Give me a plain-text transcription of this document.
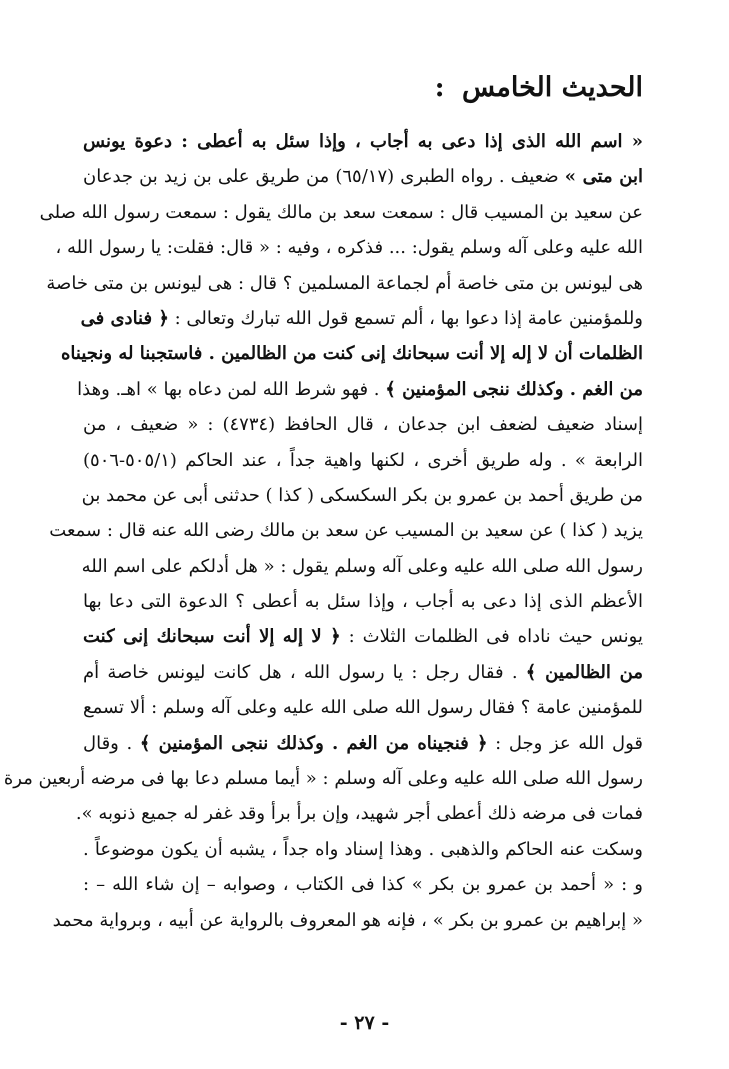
الحديث الخامس :
« اسم الله الذى إذا دعى به أجاب ، وإذا سئل به أعطى : دعوة يونس
ابن متى » ضعيف . رواه الطبرى (٦٥/١٧) من طريق على بن زيد بن جدعان
عن سعيد بن المسيب قال : سمعت سعد بن مالك يقول : سمعت رسول الله صلى
الله عليه وعلى آله وسلم يقول: ... فذكره ، وفيه : « قال: فقلت: يا رسول الله ،
هى ليونس بن متى خاصة أم لجماعة المسلمين ؟ قال : هى ليونس بن متى خاصة
وللمؤمنين عامة إذا دعوا بها ، ألم تسمع قول الله تبارك وتعالى : ﴿ فنادى فى
الظلمات أن لا إله إلا أنت سبحانك إنى كنت من الظالمين . فاستجبنا له ونجيناه
من الغم . وكذلك ننجى المؤمنين ﴾ . فهو شرط الله لمن دعاه بها » اهـ. وهذا
إسناد ضعيف لضعف ابن جدعان ، قال الحافظ (٤٧٣٤) : « ضعيف ، من
الرابعة » . وله طريق أخرى ، لكنها واهية جداً ، عند الحاكم (٥٠٥/١-٥٠٦)
من طريق أحمد بن عمرو بن بكر السكسكى ( كذا ) حدثنى أبى عن محمد بن
يزيد ( كذا ) عن سعيد بن المسيب عن سعد بن مالك رضى الله عنه قال : سمعت
رسول الله صلى الله عليه وعلى آله وسلم يقول : « هل أدلكم على اسم الله
الأعظم الذى إذا دعى به أجاب ، وإذا سئل به أعطى ؟ الدعوة التى دعا بها
يونس حيث ناداه فى الظلمات الثلاث : ﴿ لا إله إلا أنت سبحانك إنى كنت
من الظالمين ﴾ . فقال رجل : يا رسول الله ، هل كانت ليونس خاصة أم
للمؤمنين عامة ؟ فقال رسول الله صلى الله عليه وعلى آله وسلم : ألا تسمع
قول الله عز وجل : ﴿ فنجيناه من الغم . وكذلك ننجى المؤمنين ﴾ . وقال
رسول الله صلى الله عليه وعلى آله وسلم : « أيما مسلم دعا بها فى مرضه أربعين مرة
فمات فى مرضه ذلك أعطى أجر شهيد، وإن برأ برأ وقد غفر له جميع ذنوبه ».
وسكت عنه الحاكم والذهبى . وهذا إسناد واه جداً ، يشبه أن يكون موضوعاً .
و : « أحمد بن عمرو بن بكر » كذا فى الكتاب ، وصوابه – إن شاء الله – :
« إبراهيم بن عمرو بن بكر » ، فإنه هو المعروف بالرواية عن أبيه ، وبرواية محمد
- ٢٧ -
